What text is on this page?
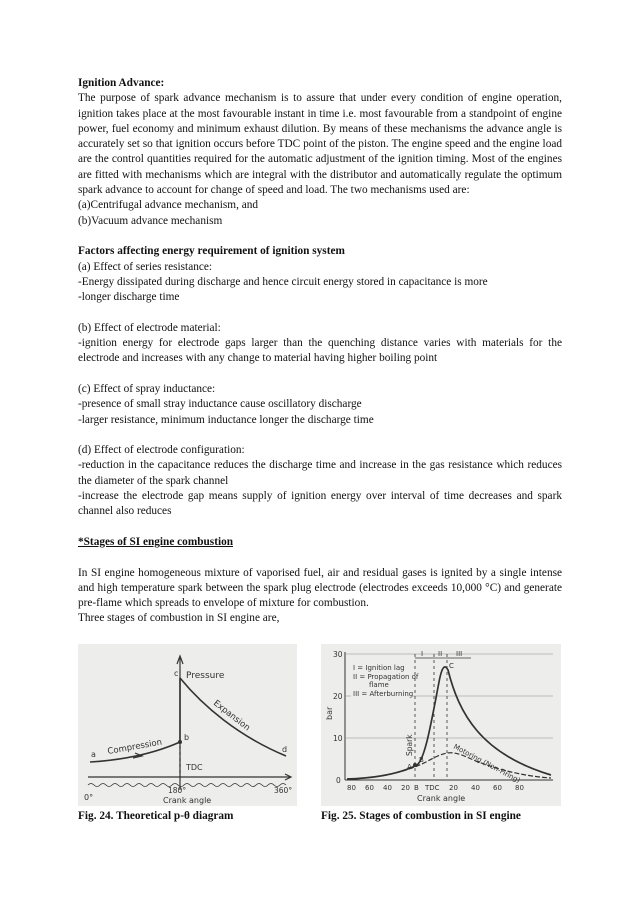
Ignition Advance:

The purpose of spark advance mechanism is to assure that under every condition of engine operation, ignition takes place at the most favourable instant in time i.e. most favourable from a standpoint of engine power, fuel economy and minimum exhaust dilution. By means of these mechanisms the advance angle is accurately set so that ignition occurs before TDC point of the piston. The engine speed and the engine load are the control quantities required for the automatic adjustment of the ignition timing. Most of the engines are fitted with mechanisms which are integral with the distributor and automatically regulate the optimum spark advance to account for change of speed and load. The two mechanisms used are:

(a)Centrifugal advance mechanism, and

(b)Vacuum advance mechanism

Factors affecting energy requirement of ignition system

(a) Effect of series resistance:

-Energy dissipated during discharge and hence circuit energy stored in capacitance is more

-longer discharge time

(b) Effect of electrode material:

-ignition energy for electrode gaps larger than the quenching distance varies with materials for the electrode and increases with any change to material having higher boiling point

(c) Effect of spray inductance:

-presence of small stray inductance cause oscillatory discharge

-larger resistance, minimum inductance longer the discharge time

(d) Effect of electrode configuration:

-reduction in the capacitance reduces the discharge time and increase in the gas resistance which reduces the diameter of the spark channel

-increase the electrode gap means supply of ignition energy over interval of time decreases and spark channel also reduces

*Stages of SI engine combustion

In SI engine homogeneous mixture of vaporised fuel, air and residual gases is ignited by a single intense and high temperature spark between the spark plug electrode (electrodes exceeds 10,000 °C) and generate pre-flame which spreads to envelope of mixture for combustion.

Three stages of combustion in SI engine are,

Pressure
Compression
Expansion
TDC
Crank angle
0°
180°	360°
a
b
c
d
I II III
I = Ignition lag
II = Propagation of
flame
III = Afterburning
bar
30
20
10
0
80 60 40 20 B TDC 20 40 60 80
Crank angle
Spark	Motoring (Non-Firing)
A
B
C
Fig. 24. Theoretical p-θ diagram	Fig. 25. Stages of combustion in SI engine
